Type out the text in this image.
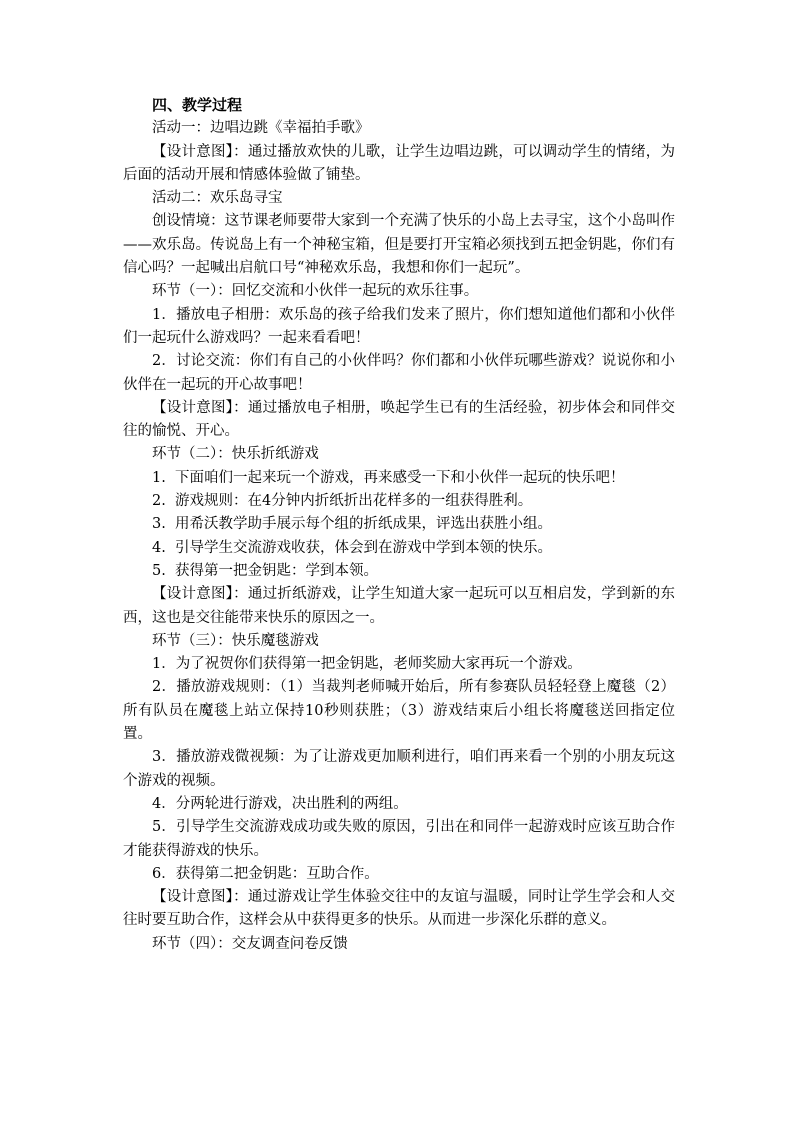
四、教学过程

活动一：边唱边跳《幸福拍手歌》

【设计意图】：通过播放欢快的儿歌，让学生边唱边跳，可以调动学生的情绪，为后面的活动开展和情感体验做了铺垫。

活动二：欢乐岛寻宝

创设情境：这节课老师要带大家到一个充满了快乐的小岛上去寻宝，这个小岛叫作——欢乐岛。传说岛上有一个神秘宝箱，但是要打开宝箱必须找到五把金钥匙，你们有信心吗？一起喊出启航口号“神秘欢乐岛，我想和你们一起玩”。

环节（一）：回忆交流和小伙伴一起玩的欢乐往事。

1．播放电子相册：欢乐岛的孩子给我们发来了照片，你们想知道他们都和小伙伴们一起玩什么游戏吗？一起来看看吧！

2．讨论交流：你们有自己的小伙伴吗？你们都和小伙伴玩哪些游戏？说说你和小伙伴在一起玩的开心故事吧！

【设计意图】：通过播放电子相册，唤起学生已有的生活经验，初步体会和同伴交往的愉悦、开心。

环节（二）：快乐折纸游戏

1. 下面咱们一起来玩一个游戏，再来感受一下和小伙伴一起玩的快乐吧！
2. 游戏规则：在4分钟内折纸折出花样多的一组获得胜利。
3. 用希沃教学助手展示每个组的折纸成果，评选出获胜小组。
4. 引导学生交流游戏收获，体会到在游戏中学到本领的快乐。
5. 获得第一把金钥匙：学到本领。

【设计意图】：通过折纸游戏，让学生知道大家一起玩可以互相启发，学到新的东西，这也是交往能带来快乐的原因之一。

环节（三）：快乐魔毯游戏

1．为了祝贺你们获得第一把金钥匙，老师奖励大家再玩一个游戏。

2．播放游戏规则：（1）当裁判老师喊开始后，所有参赛队员轻轻登上魔毯（2）所有队员在魔毯上站立保持10秒则获胜；（3）游戏结束后小组长将魔毯送回指定位置。

3．播放游戏微视频：为了让游戏更加顺利进行，咱们再来看一个别的小朋友玩这个游戏的视频。

4．分两轮进行游戏，决出胜利的两组。

5．引导学生交流游戏成功或失败的原因，引出在和同伴一起游戏时应该互助合作才能获得游戏的快乐。

6．获得第二把金钥匙：互助合作。

【设计意图】：通过游戏让学生体验交往中的友谊与温暖，同时让学生学会和人交往时要互助合作，这样会从中获得更多的快乐。从而进一步深化乐群的意义。

环节（四）：交友调查问卷反馈
